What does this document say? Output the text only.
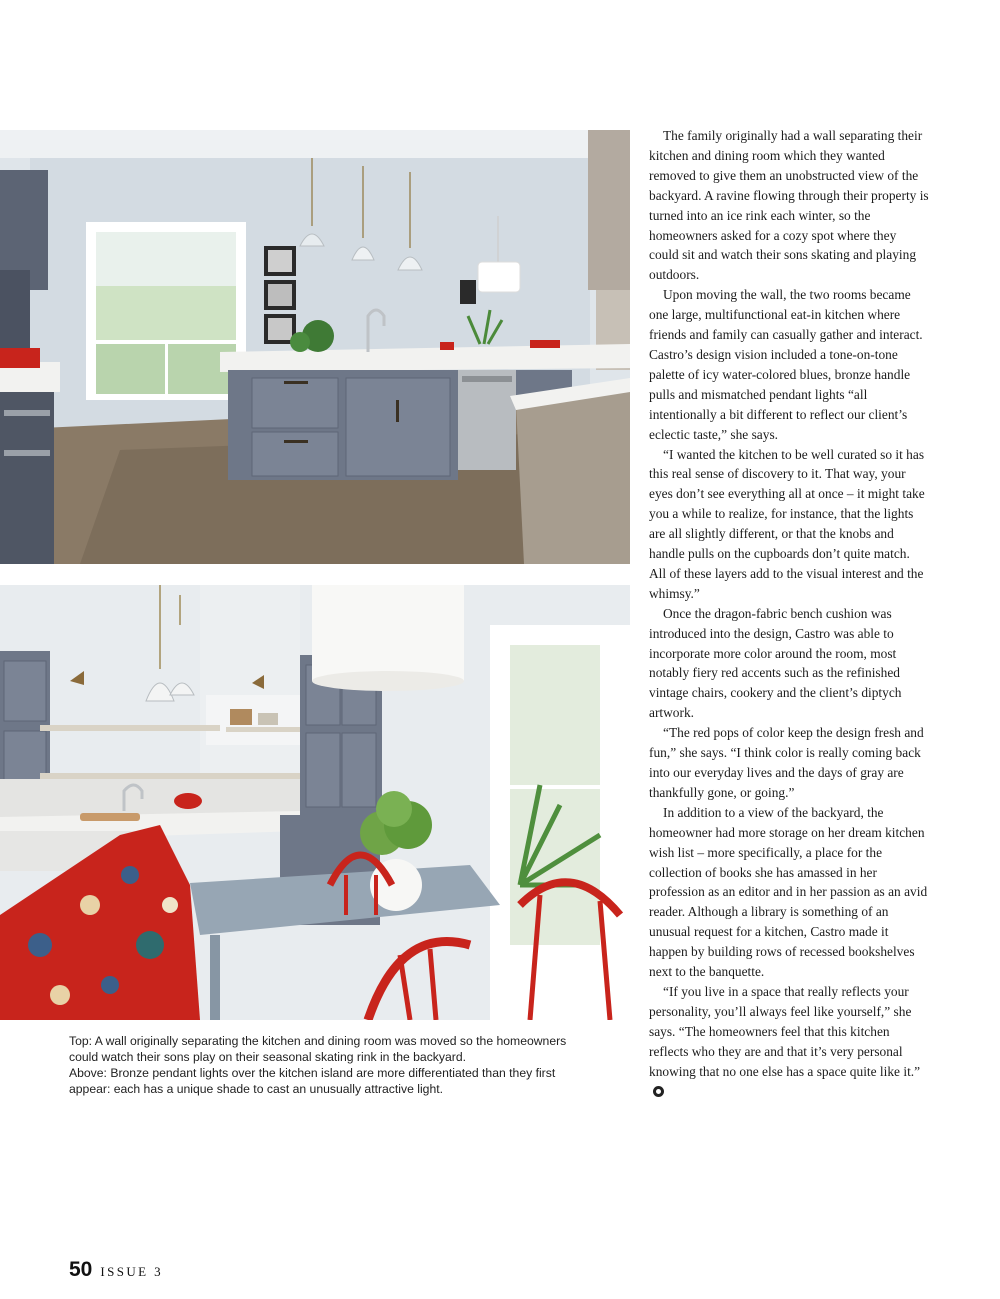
Top: A wall originally separating the kitchen and dining room was moved so the homeowners could watch their sons play on their seasonal skating rink in the backyard.

Above: Bronze pendant lights over the kitchen island are more differentiated than they first appear: each has a unique shade to cast an unusually attractive light.

The family originally had a wall separating their kitchen and dining room which they wanted removed to give them an unobstructed view of the backyard. A ravine flowing through their property is turned into an ice rink each winter, so the homeowners asked for a cozy spot where they could sit and watch their sons skating and playing outdoors.

Upon moving the wall, the two rooms became one large, multifunctional eat-in kitchen where friends and family can casually gather and interact. Castro’s design vision included a tone-on-tone palette of icy water-colored blues, bronze handle pulls and mismatched pendant lights “all intentionally a bit different to reflect our client’s eclectic taste,” she says.

“I wanted the kitchen to be well curated so it has this real sense of discovery to it. That way, your eyes don’t see everything all at once – it might take you a while to realize, for instance, that the lights are all slightly different, or that the knobs and handle pulls on the cupboards don’t quite match. All of these layers add to the visual interest and the whimsy.”

Once the dragon-fabric bench cushion was introduced into the design, Castro was able to incorporate more color around the room, most notably fiery red accents such as the refinished vintage chairs, cookery and the client’s diptych artwork.

“The red pops of color keep the design fresh and fun,” she says. “I think color is really coming back into our everyday lives and the days of gray are thankfully gone, or going.”

In addition to a view of the backyard, the homeowner had more storage on her dream kitchen wish list – more specifically, a place for the collection of books she has amassed in her profession as an editor and in her passion as an avid reader. Although a library is something of an unusual request for a kitchen, Castro made it happen by building rows of recessed bookshelves next to the banquette.

“If you live in a space that really reflects your personality, you’ll always feel like yourself,” she says. “The homeowners feel that this kitchen reflects who they are and that it’s very personal knowing that no one else has a space quite like it.”

50 ISSUE 3
